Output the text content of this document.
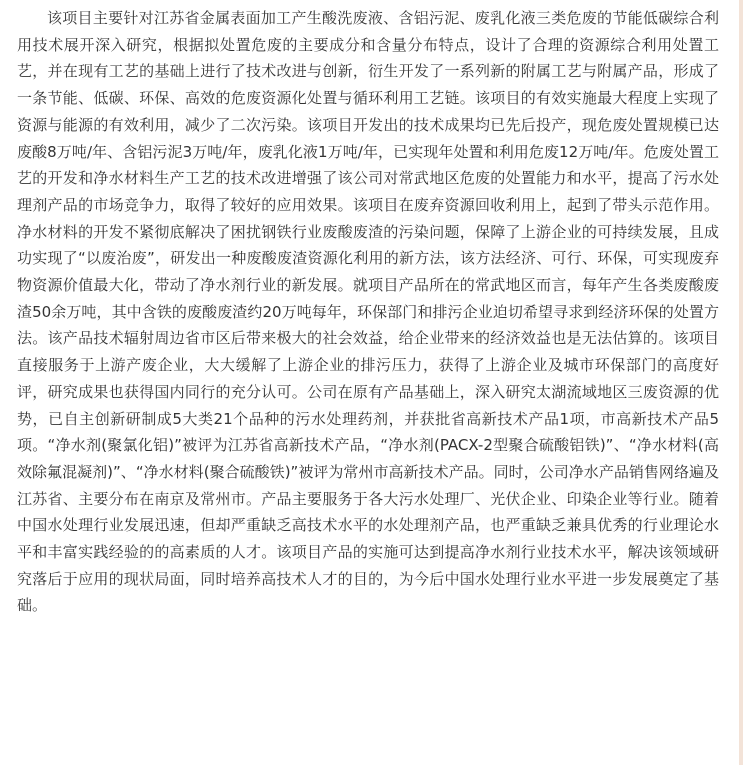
该项目主要针对江苏省金属表面加工产生酸洗废液、含铝污泥、废乳化液三类危废的节能低碳综合利用技术展开深入研究，根据拟处置危废的主要成分和含量分布特点，设计了合理的资源综合利用处置工艺，并在现有工艺的基础上进行了技术改进与创新，衍生开发了一系列新的附属工艺与附属产品，形成了一条节能、低碳、环保、高效的危废资源化处置与循环利用工艺链。该项目的有效实施最大程度上实现了资源与能源的有效利用，减少了二次污染。该项目开发出的技术成果均已先后投产，现危废处置规模已达废酸8万吨/年、含铝污泥3万吨/年，废乳化液1万吨/年，已实现年处置和利用危废12万吨/年。危废处置工艺的开发和净水材料生产工艺的技术改进增强了该公司对常武地区危废的处置能力和水平，提高了污水处理剂产品的市场竞争力，取得了较好的应用效果。该项目在废弃资源回收利用上，起到了带头示范作用。净水材料的开发不紧彻底解决了困扰钢铁行业废酸废渣的污染问题，保障了上游企业的可持续发展，且成功实现了“以废治废”，研发出一种废酸废渣资源化利用的新方法，该方法经济、可行、环保，可实现废弃物资源价值最大化，带动了净水剂行业的新发展。就项目产品所在的常武地区而言，每年产生各类废酸废渣50余万吨，其中含铁的废酸废渣约20万吨每年，环保部门和排污企业迫切希望寻求到经济环保的处置方法。该产品技术辐射周边省市区后带来极大的社会效益，给企业带来的经济效益也是无法估算的。该项目直接服务于上游产废企业，大大缓解了上游企业的排污压力，获得了上游企业及城市环保部门的高度好评，研究成果也获得国内同行的充分认可。公司在原有产品基础上，深入研究太湖流域地区三废资源的优势，已自主创新研制成5大类21个品种的污水处理药剂，并获批省高新技术产品1项，市高新技术产品5项。“净水剂(聚氯化铝)”被评为江苏省高新技术产品，“净水剂(PACX-2型聚合硫酸铝铁)”、“净水材料(高效除氟混凝剂)”、“净水材料(聚合硫酸铁)”被评为常州市高新技术产品。同时，公司净水产品销售网络遍及江苏省、主要分布在南京及常州市。产品主要服务于各大污水处理厂、光伏企业、印染企业等行业。随着中国水处理行业发展迅速，但却严重缺乏高技术水平的水处理剂产品，也严重缺乏兼具优秀的行业理论水平和丰富实践经验的的高素质的人才。该项目产品的实施可达到提高净水剂行业技术水平，解决该领域研究落后于应用的现状局面，同时培养高技术人才的目的，为今后中国水处理行业水平进一步发展奠定了基础。
